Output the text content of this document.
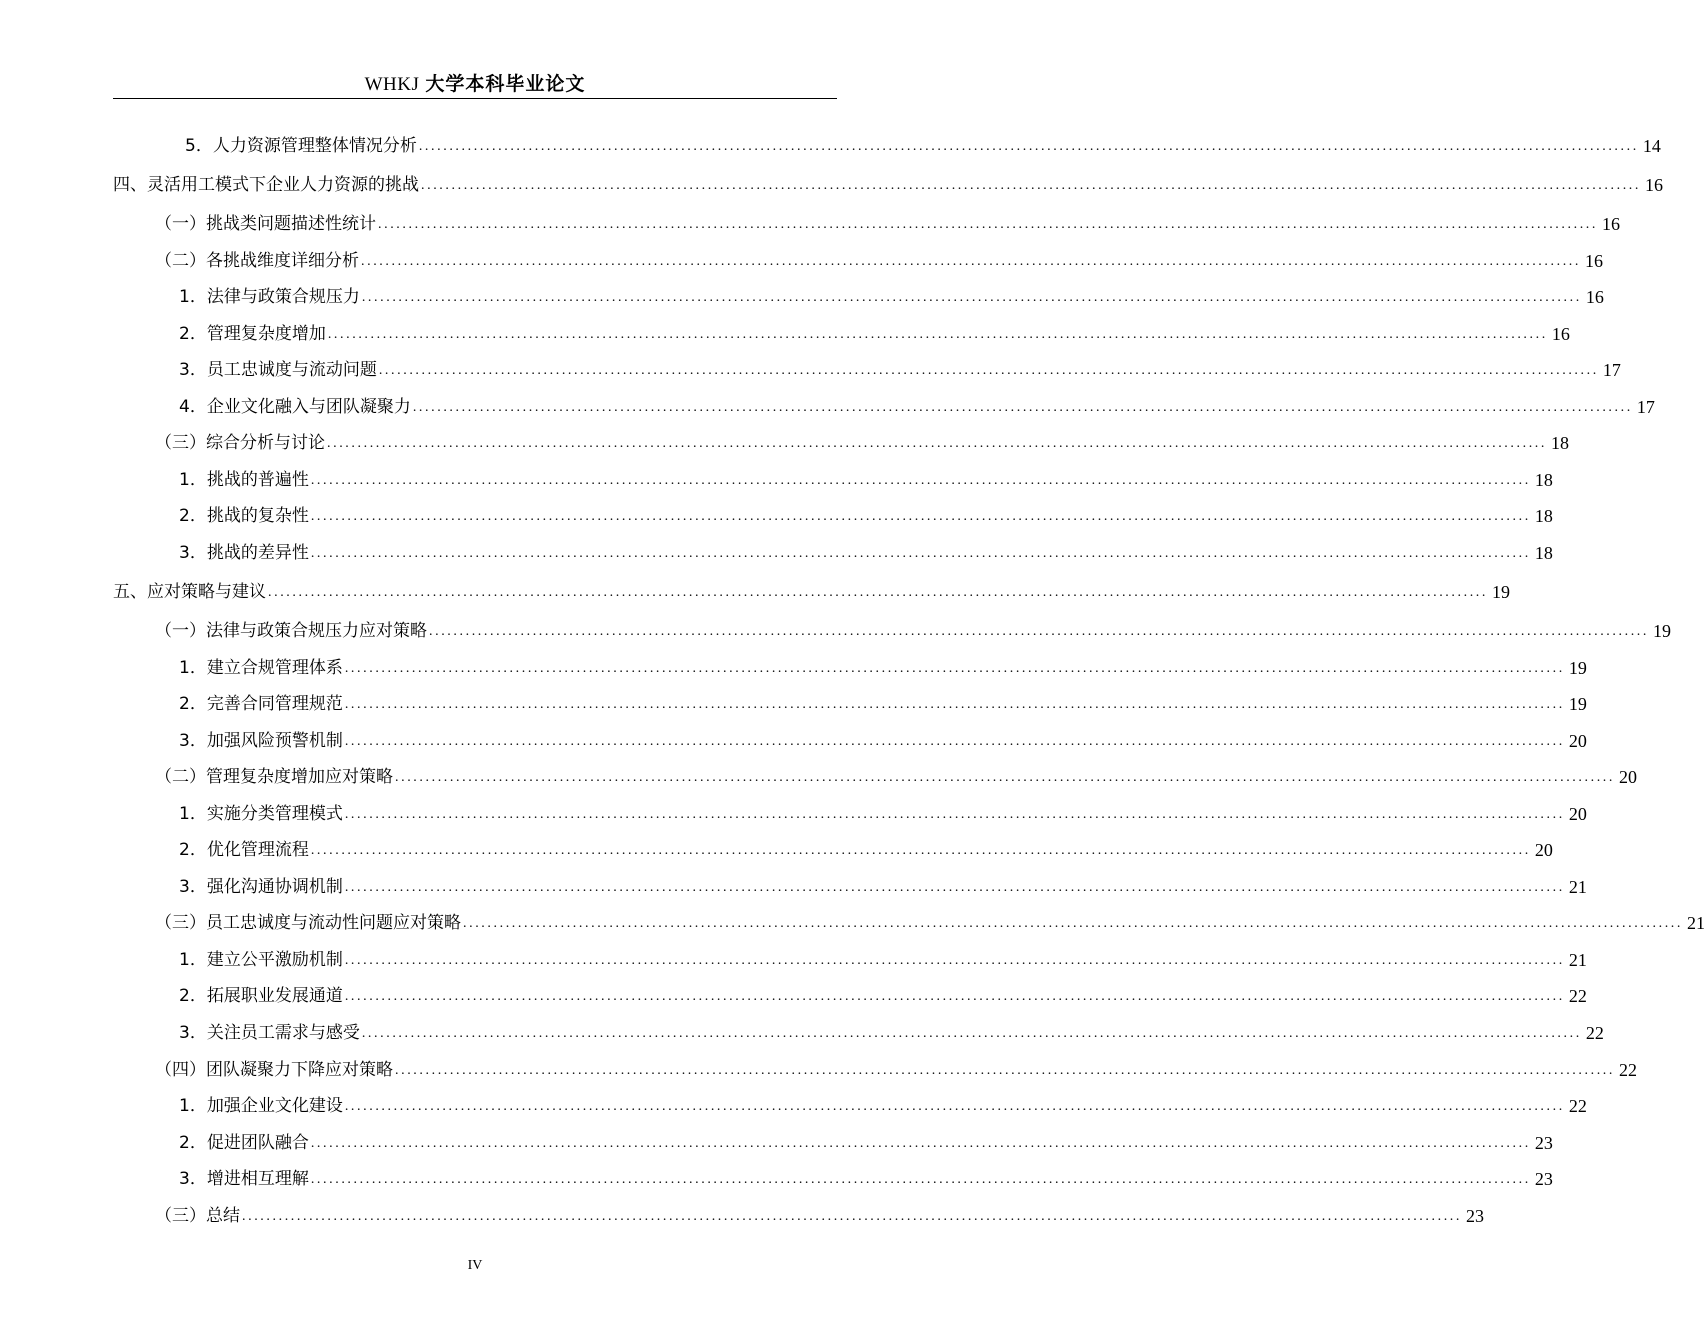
WHKJ 大学本科毕业论文
5． 人力资源管理整体情况分析 ........................................................................................................................................................................................................ 14
四、 灵活用工模式下企业人力资源的挑战 ........................................................................................................................................................................................................ 16
（一） 挑战类问题描述性统计 ........................................................................................................................................................................................................ 16
（二） 各挑战维度详细分析 ........................................................................................................................................................................................................ 16
1． 法律与政策合规压力 ........................................................................................................................................................................................................ 16
2． 管理复杂度增加 ........................................................................................................................................................................................................ 16
3． 员工忠诚度与流动问题 ........................................................................................................................................................................................................ 17
4． 企业文化融入与团队凝聚力 ........................................................................................................................................................................................................ 17
（三） 综合分析与讨论 ........................................................................................................................................................................................................ 18
1． 挑战的普遍性 ........................................................................................................................................................................................................ 18
2． 挑战的复杂性 ........................................................................................................................................................................................................ 18
3． 挑战的差异性 ........................................................................................................................................................................................................ 18
五、 应对策略与建议 ........................................................................................................................................................................................................ 19
（一） 法律与政策合规压力应对策略 ........................................................................................................................................................................................................ 19
1． 建立合规管理体系 ........................................................................................................................................................................................................ 19
2． 完善合同管理规范 ........................................................................................................................................................................................................ 19
3． 加强风险预警机制 ........................................................................................................................................................................................................ 20
（二） 管理复杂度增加应对策略 ........................................................................................................................................................................................................ 20
1． 实施分类管理模式 ........................................................................................................................................................................................................ 20
2． 优化管理流程 ........................................................................................................................................................................................................ 20
3． 强化沟通协调机制 ........................................................................................................................................................................................................ 21
（三） 员工忠诚度与流动性问题应对策略 ........................................................................................................................................................................................................ 21
1． 建立公平激励机制 ........................................................................................................................................................................................................ 21
2． 拓展职业发展通道 ........................................................................................................................................................................................................ 22
3． 关注员工需求与感受 ........................................................................................................................................................................................................ 22
（四） 团队凝聚力下降应对策略 ........................................................................................................................................................................................................ 22
1． 加强企业文化建设 ........................................................................................................................................................................................................ 22
2． 促进团队融合 ........................................................................................................................................................................................................ 23
3． 增进相互理解 ........................................................................................................................................................................................................ 23
（三） 总结 ........................................................................................................................................................................................................ 23
IV
